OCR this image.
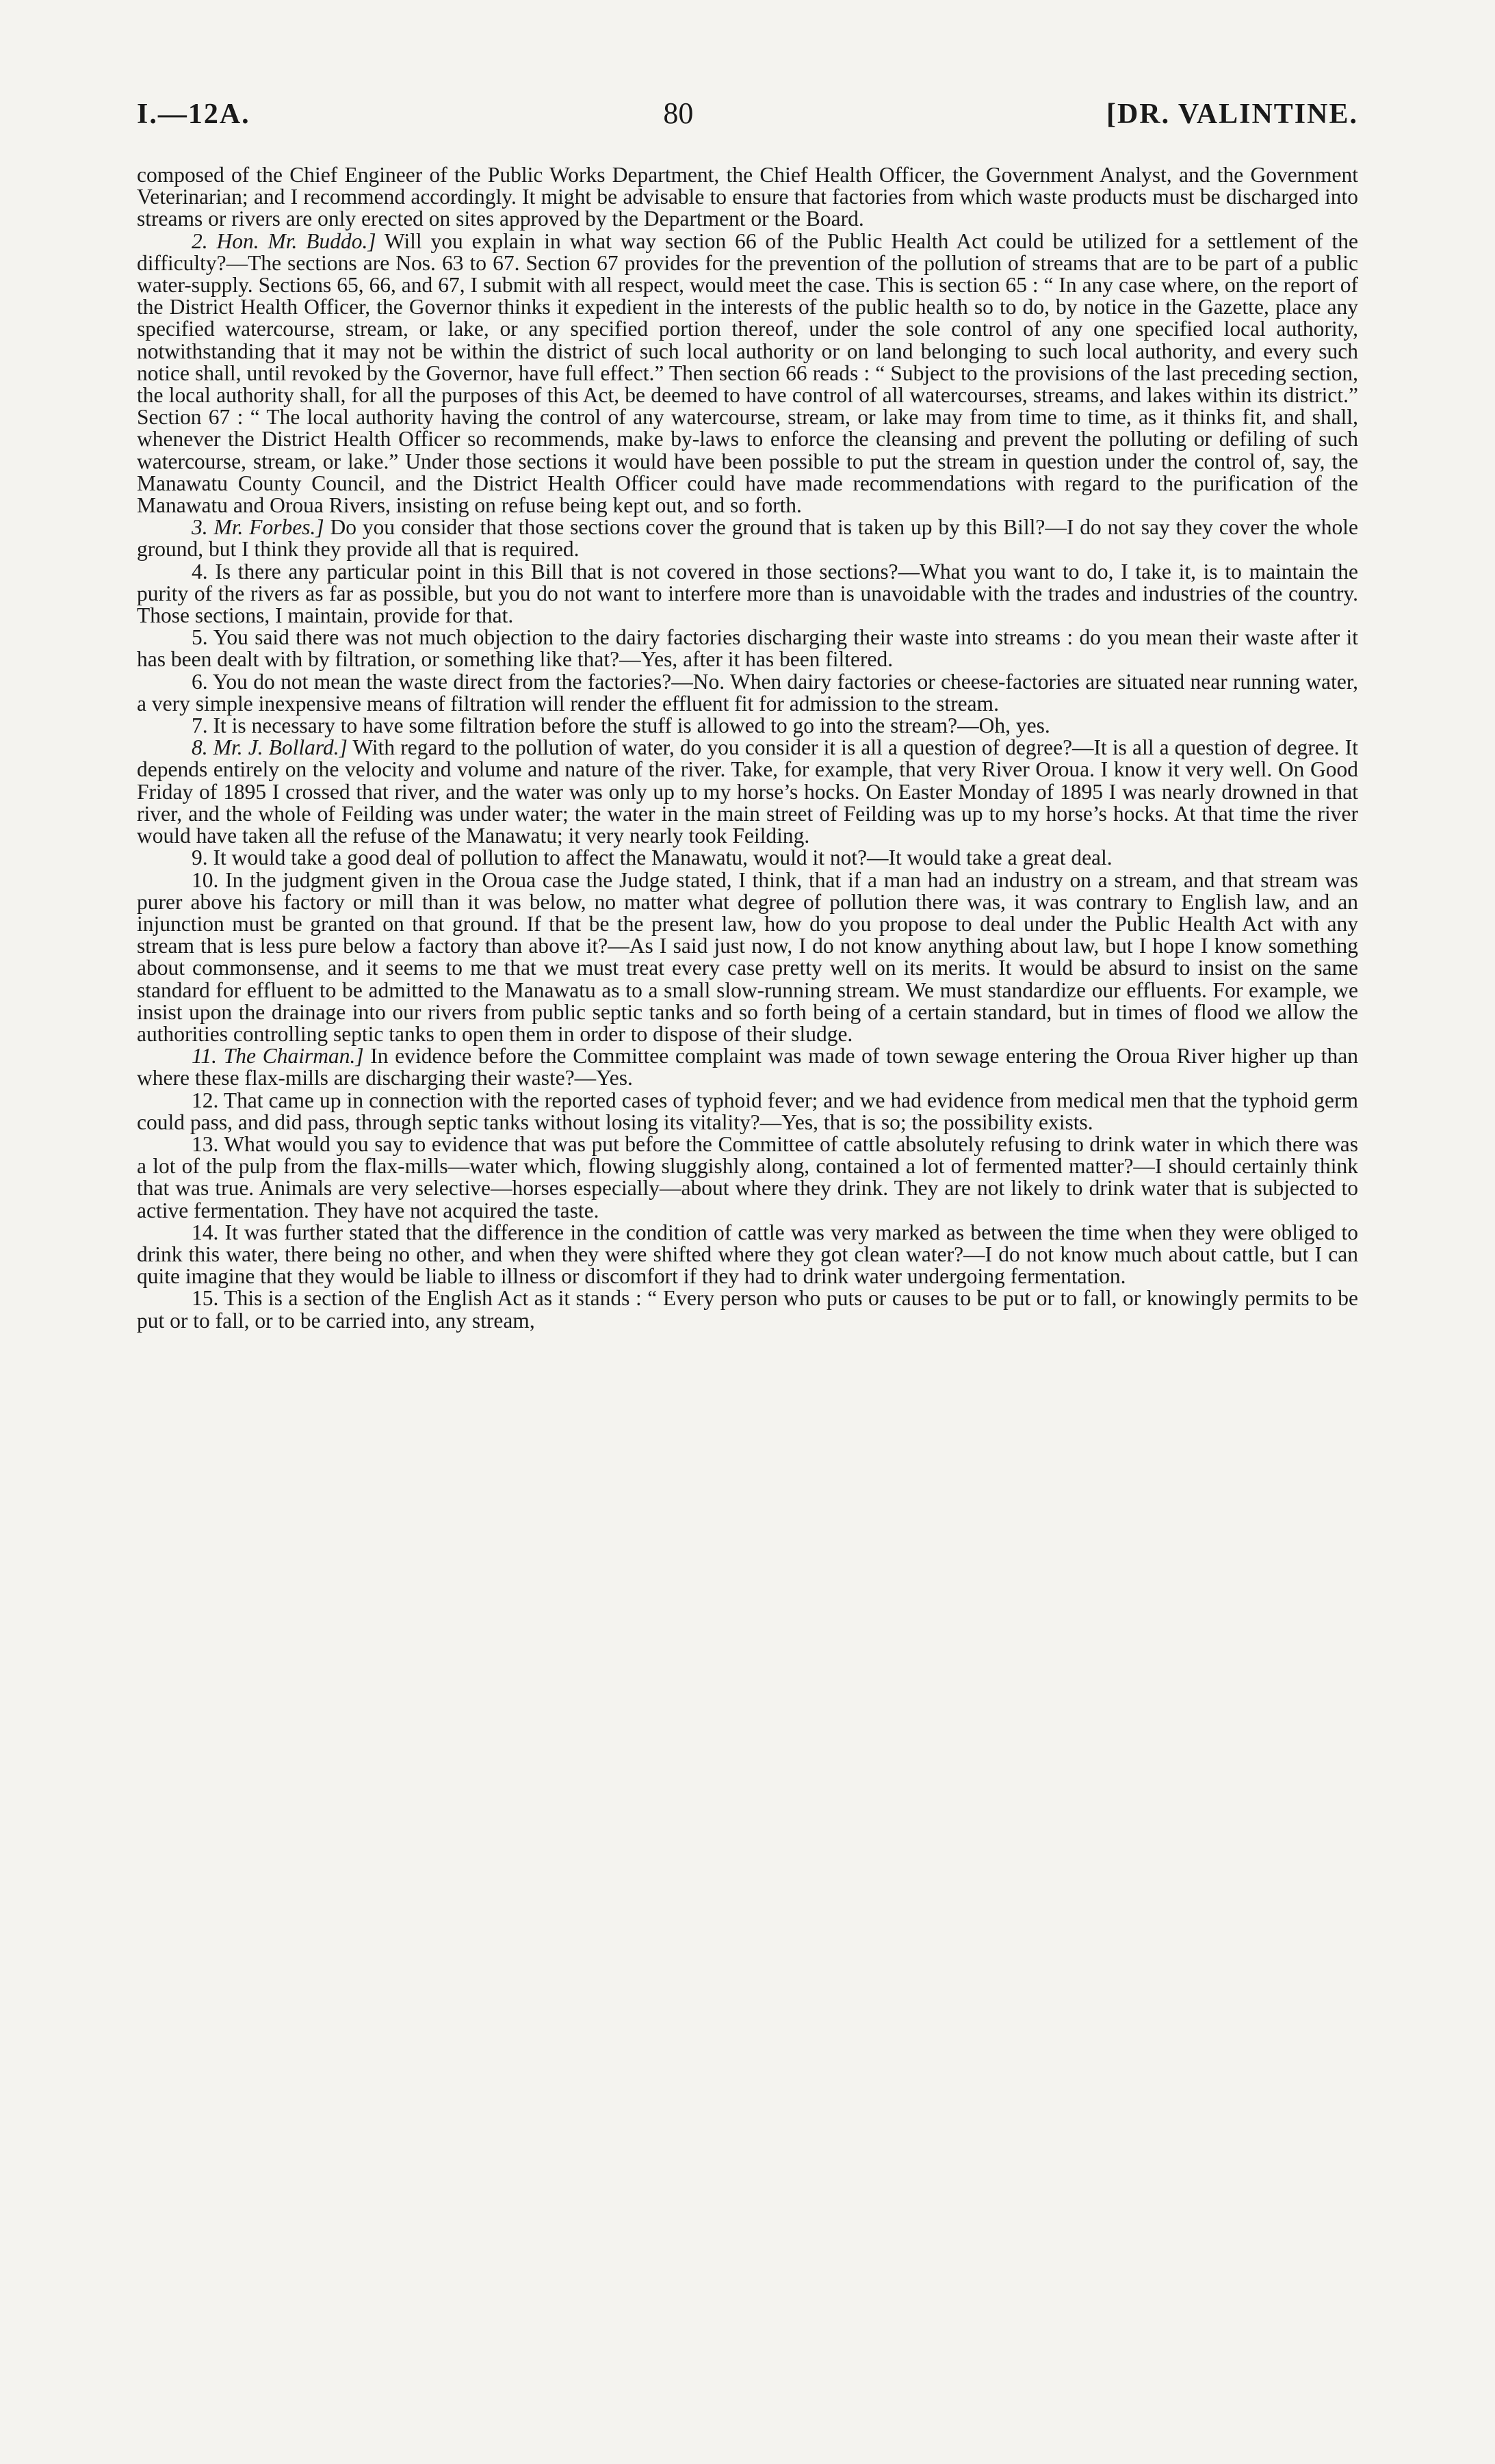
I.—12A.	80	[DR. VALINTINE.

composed of the Chief Engineer of the Public Works Department, the Chief Health Officer, the Government Analyst, and the Government Veterinarian; and I recommend accordingly. It might be advisable to ensure that factories from which waste products must be discharged into streams or rivers are only erected on sites approved by the Department or the Board.

2. Hon. Mr. Buddo.] Will you explain in what way section 66 of the Public Health Act could be utilized for a settlement of the difficulty?—The sections are Nos. 63 to 67. Section 67 provides for the prevention of the pollution of streams that are to be part of a public water-supply. Sections 65, 66, and 67, I submit with all respect, would meet the case. This is section 65 : “ In any case where, on the report of the District Health Officer, the Governor thinks it expedient in the interests of the public health so to do, by notice in the Gazette, place any specified watercourse, stream, or lake, or any specified portion thereof, under the sole control of any one specified local authority, notwithstanding that it may not be within the district of such local authority or on land belonging to such local authority, and every such notice shall, until revoked by the Governor, have full effect.” Then section 66 reads : “ Subject to the provisions of the last preceding section, the local authority shall, for all the purposes of this Act, be deemed to have control of all watercourses, streams, and lakes within its district.” Section 67 : “ The local authority having the control of any watercourse, stream, or lake may from time to time, as it thinks fit, and shall, whenever the District Health Officer so recommends, make by-laws to enforce the cleansing and prevent the polluting or defiling of such watercourse, stream, or lake.” Under those sections it would have been possible to put the stream in question under the control of, say, the Manawatu County Council, and the District Health Officer could have made recommendations with regard to the purification of the Manawatu and Oroua Rivers, insisting on refuse being kept out, and so forth.

3. Mr. Forbes.] Do you consider that those sections cover the ground that is taken up by this Bill?—I do not say they cover the whole ground, but I think they provide all that is required.

4. Is there any particular point in this Bill that is not covered in those sections?—What you want to do, I take it, is to maintain the purity of the rivers as far as possible, but you do not want to interfere more than is unavoidable with the trades and industries of the country. Those sections, I maintain, provide for that.

5. You said there was not much objection to the dairy factories discharging their waste into streams : do you mean their waste after it has been dealt with by filtration, or something like that?—Yes, after it has been filtered.

6. You do not mean the waste direct from the factories?—No. When dairy factories or cheese-factories are situated near running water, a very simple inexpensive means of filtration will render the effluent fit for admission to the stream.

7. It is necessary to have some filtration before the stuff is allowed to go into the stream?—Oh, yes.

8. Mr. J. Bollard.] With regard to the pollution of water, do you consider it is all a question of degree?—It is all a question of degree. It depends entirely on the velocity and volume and nature of the river. Take, for example, that very River Oroua. I know it very well. On Good Friday of 1895 I crossed that river, and the water was only up to my horse’s hocks. On Easter Monday of 1895 I was nearly drowned in that river, and the whole of Feilding was under water; the water in the main street of Feilding was up to my horse’s hocks. At that time the river would have taken all the refuse of the Manawatu; it very nearly took Feilding.

9. It would take a good deal of pollution to affect the Manawatu, would it not?—It would take a great deal.

10. In the judgment given in the Oroua case the Judge stated, I think, that if a man had an industry on a stream, and that stream was purer above his factory or mill than it was below, no matter what degree of pollution there was, it was contrary to English law, and an injunction must be granted on that ground. If that be the present law, how do you propose to deal under the Public Health Act with any stream that is less pure below a factory than above it?—As I said just now, I do not know anything about law, but I hope I know something about commonsense, and it seems to me that we must treat every case pretty well on its merits. It would be absurd to insist on the same standard for effluent to be admitted to the Manawatu as to a small slow-running stream. We must standardize our effluents. For example, we insist upon the drainage into our rivers from public septic tanks and so forth being of a certain standard, but in times of flood we allow the authorities controlling septic tanks to open them in order to dispose of their sludge.

11. The Chairman.] In evidence before the Committee complaint was made of town sewage entering the Oroua River higher up than where these flax-mills are discharging their waste?—Yes.

12. That came up in connection with the reported cases of typhoid fever; and we had evidence from medical men that the typhoid germ could pass, and did pass, through septic tanks without losing its vitality?—Yes, that is so; the possibility exists.

13. What would you say to evidence that was put before the Committee of cattle absolutely refusing to drink water in which there was a lot of the pulp from the flax-mills—water which, flowing sluggishly along, contained a lot of fermented matter?—I should certainly think that was true. Animals are very selective—horses especially—about where they drink. They are not likely to drink water that is subjected to active fermentation. They have not acquired the taste.

14. It was further stated that the difference in the condition of cattle was very marked as between the time when they were obliged to drink this water, there being no other, and when they were shifted where they got clean water?—I do not know much about cattle, but I can quite imagine that they would be liable to illness or discomfort if they had to drink water undergoing fermentation.

15. This is a section of the English Act as it stands : “ Every person who puts or causes to be put or to fall, or knowingly permits to be put or to fall, or to be carried into, any stream,
